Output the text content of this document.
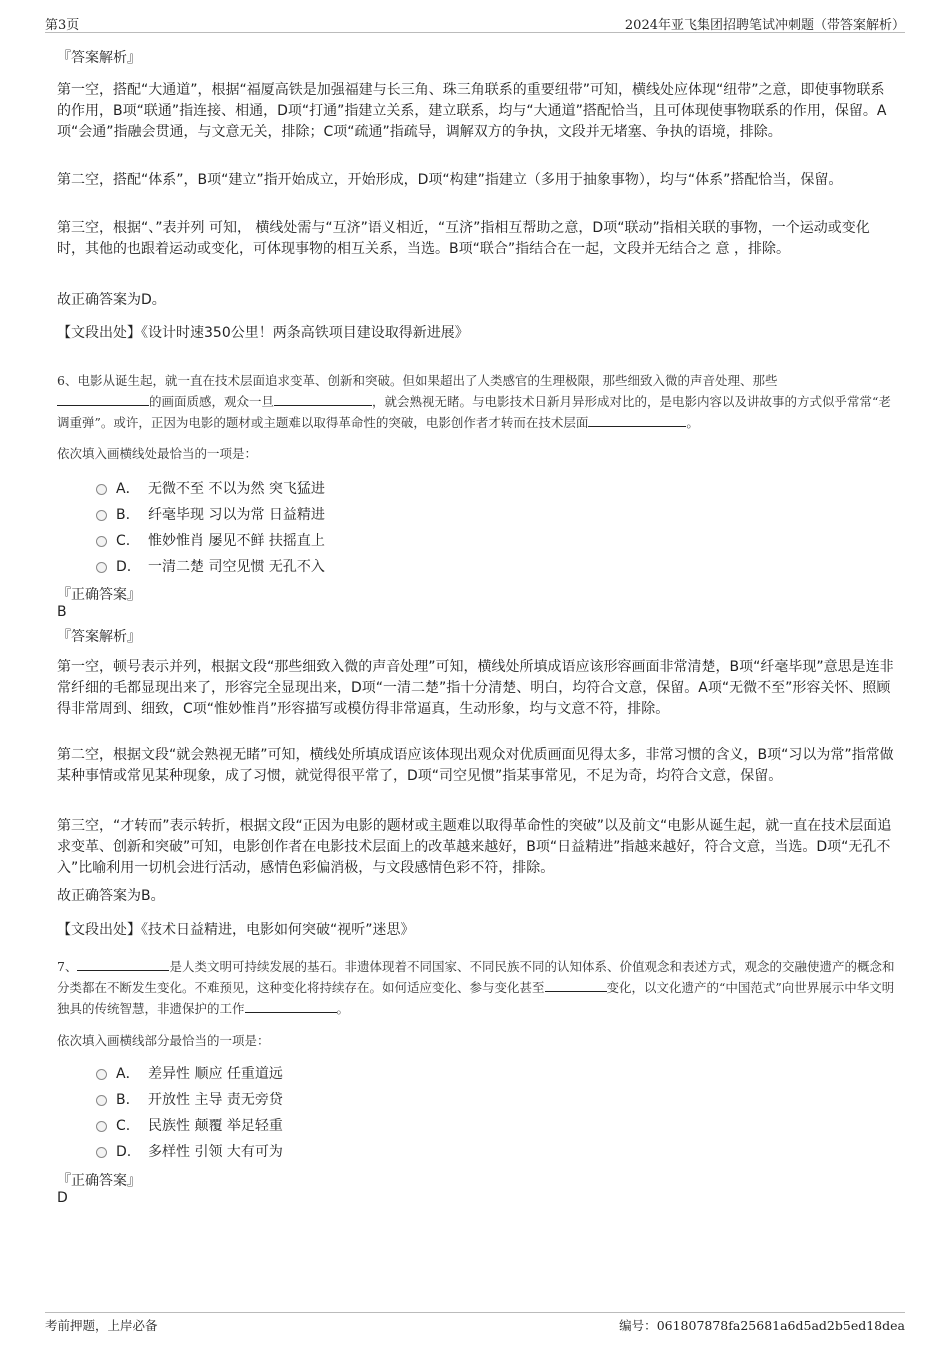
第3页	2024年亚飞集团招聘笔试冲刺题（带答案解析）
『答案解析』
第一空，搭配“大通道”，根据“福厦高铁是加强福建与长三角、珠三角联系的重要纽带”可知，横线处应体现“纽带”之意，即使事物联系的作用，B项“联通”指连接、相通，D项“打通”指建立关系，建立联系，均与“大通道”搭配恰当，且可体现使事物联系的作用，保留。A项“会通”指融会贯通，与文意无关，排除；C项“疏通”指疏导，调解双方的争执，文段并无堵塞、争执的语境，排除。
第二空，搭配“体系”，B项“建立”指开始成立，开始形成，D项“构建”指建立（多用于抽象事物），均与“体系”搭配恰当，保留。
第三空，根据“、”表并列 可知， 横线处需与“互济”语义相近，“互济”指相互帮助之意，D项“联动”指相关联的事物，一个运动或变化时，其他的也跟着运动或变化，可体现事物的相互关系，当选。B项“联合”指结合在一起，文段并无结合之 意 ，排除。
故正确答案为D。
【文段出处】《设计时速350公里！两条高铁项目建设取得新进展》
6、电影从诞生起，就一直在技术层面追求变革、创新和突破。但如果超出了人类感官的生理极限，那些细致入微的声音处理、那些
的画面质感，观众一旦	，就会熟视无睹。与电影技术日新月异形成对比的，是电影内容以及讲故事的方式似乎常常“老调重弹”。或许，正因为电影的题材或主题难以取得革命性的突破，电影创作者才转而在技术层面	。
依次填入画横线处最恰当的一项是：
A． 无微不至 不以为然 突飞猛进
B. 纤毫毕现 习以为常 日益精进
C. 惟妙惟肖 屡见不鲜 扶摇直上
D. 一清二楚 司空见惯 无孔不入
『正确答案』
B
『答案解析』
第一空，顿号表示并列，根据文段“那些细致入微的声音处理”可知，横线处所填成语应该形容画面非常清楚，B项“纤毫毕现”意思是连非常纤细的毛都显现出来了，形容完全显现出来，D项“一清二楚”指十分清楚、明白，均符合文意，保留。A项“无微不至”形容关怀、照顾得非常周到、细致，C项“惟妙惟肖”形容描写或模仿得非常逼真，生动形象，均与文意不符，排除。
第二空，根据文段“就会熟视无睹”可知，横线处所填成语应该体现出观众对优质画面见得太多，非常习惯的含义，B项“习以为常”指常做某种事情或常见某种现象，成了习惯，就觉得很平常了，D项“司空见惯”指某事常见，不足为奇，均符合文意，保留。
第三空，“才转而”表示转折，根据文段“正因为电影的题材或主题难以取得革命性的突破”以及前文“电影从诞生起，就一直在技术层面追求变革、创新和突破”可知，电影创作者在电影技术层面上的改革越来越好，B项“日益精进”指越来越好，符合文意，当选。D项“无孔不入”比喻利用一切机会进行活动，感情色彩偏消极，与文段感情色彩不符，排除。
故正确答案为B。
【文段出处】《技术日益精进，电影如何突破“视听”迷思》
7、	是人类文明可持续发展的基石。非遗体现着不同国家、不同民族不同的认知体系、价值观念和表述方式，观念的交融使遗产的概念和分类都在不断发生变化。不难预见，这种变化将持续存在。如何适应变化、参与变化甚至	变化，以文化遗产的“中国范式”向世界展示中华文明独具的传统智慧，非遗保护的工作	。
依次填入画横线部分最恰当的一项是：
A． 差异性 顺应 任重道远
B. 开放性 主导 责无旁贷
C. 民族性 颠覆 举足轻重
D. 多样性 引领 大有可为
『正确答案』
D
考前押题，上岸必备	编号：061807878fa25681a6d5ad2b5ed18dea
